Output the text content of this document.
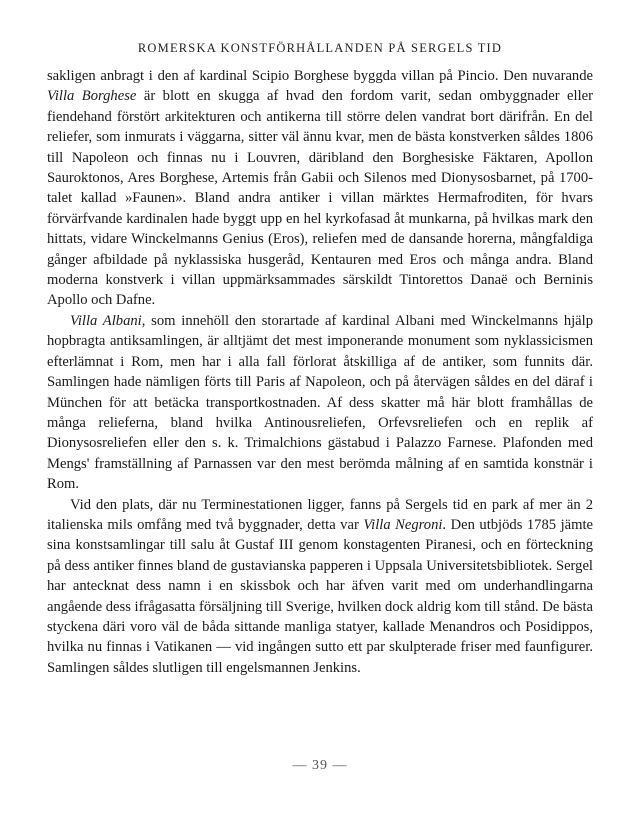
ROMERSKA KONSTFÖRHÅLLANDEN PÅ SERGELS TID

sakligen anbragt i den af kardinal Scipio Borghese byggda villan på Pincio. Den nuvarande Villa Borghese är blott en skugga af hvad den fordom varit, sedan ombyggnader eller fiendehand förstört arkitekturen och antikerna till större delen vandrat bort därifrån. En del reliefer, som inmurats i väggarna, sitter väl ännu kvar, men de bästa konstverken såldes 1806 till Napoleon och finnas nu i Louvren, däribland den Borghesiske Fäktaren, Apollon Sauroktonos, Ares Borghese, Artemis från Gabii och Silenos med Dionysosbarnet, på 1700-talet kallad »Faunen». Bland andra antiker i villan märktes Hermafroditen, för hvars förvärfvande kardinalen hade byggt upp en hel kyrkofasad åt munkarna, på hvilkas mark den hittats, vidare Winckelmanns Genius (Eros), reliefen med de dansande horerna, mångfaldiga gånger afbildade på nyklassiska husgeråd, Kentauren med Eros och många andra. Bland moderna konstverk i villan uppmärksammades särskildt Tintorettos Danaë och Berninis Apollo och Dafne.

Villa Albani, som innehöll den storartade af kardinal Albani med Winckelmanns hjälp hopbragta antiksamlingen, är alltjämt det mest imponerande monument som nyklassicismen efterlämnat i Rom, men har i alla fall förlorat åtskilliga af de antiker, som funnits där. Samlingen hade nämligen förts till Paris af Napoleon, och på återvägen såldes en del däraf i München för att betäcka transportkostnaden. Af dess skatter må här blott framhållas de många relieferna, bland hvilka Antinousreliefen, Orfevsreliefen och en replik af Dionysosreliefen eller den s. k. Trimalchions gästabud i Palazzo Farnese. Plafonden med Mengs' framställning af Parnassen var den mest berömda målning af en samtida konstnär i Rom.

Vid den plats, där nu Terminestationen ligger, fanns på Sergels tid en park af mer än 2 italienska mils omfång med två byggnader, detta var Villa Negroni. Den utbjöds 1785 jämte sina konstsamlingar till salu åt Gustaf III genom konstagenten Piranesi, och en förteckning på dess antiker finnes bland de gustavianska papperen i Uppsala Universitetsbibliotek. Sergel har antecknat dess namn i en skissbok och har äfven varit med om underhandlingarna angående dess ifrågasatta försäljning till Sverige, hvilken dock aldrig kom till stånd. De bästa styckena däri voro väl de båda sittande manliga statyer, kallade Menandros och Posidippos, hvilka nu finnas i Vatikanen — vid ingången sutto ett par skulpterade friser med faunfigurer. Samlingen såldes slutligen till engelsmannen Jenkins.

— 39 —
